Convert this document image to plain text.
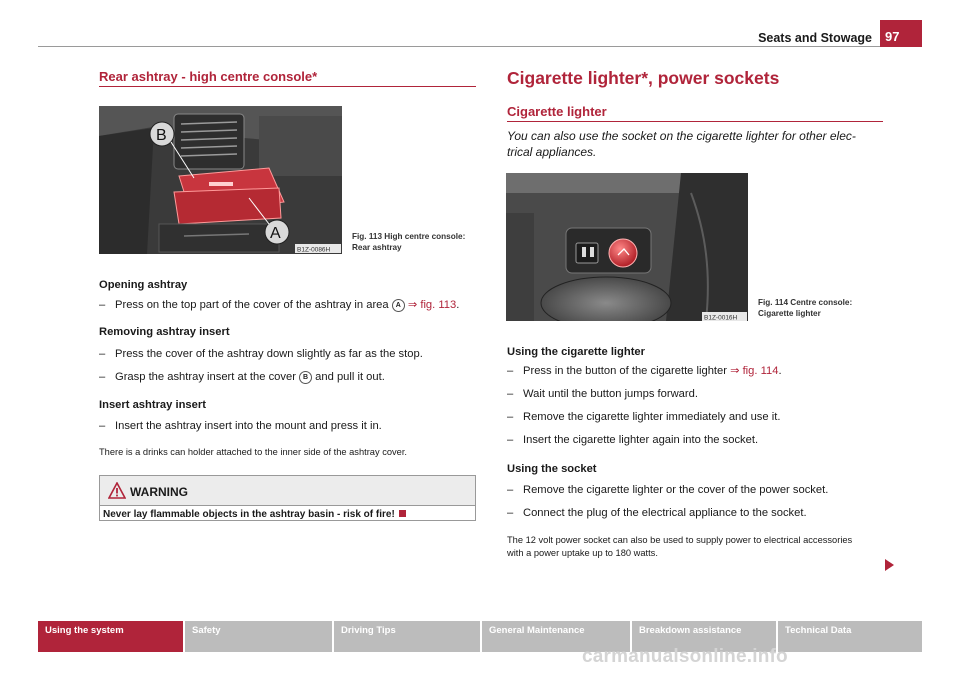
Seats and Stowage	97
Rear ashtray - high centre console*
B
A
B1Z-0086H
Fig. 113 High centre console:
Rear ashtray
Opening ashtray
– Press on the top part of the cover of the ashtray in area A ⇒ fig. 113.
Removing ashtray insert
– Press the cover of the ashtray down slightly as far as the stop.
– Grasp the ashtray insert at the cover B and pull it out.
Insert ashtray insert
– Insert the ashtray insert into the mount and press it in.
There is a drinks can holder attached to the inner side of the ashtray cover.
WARNING
Never lay flammable objects in the ashtray basin - risk of fire!
Cigarette lighter*, power sockets
Cigarette lighter
You can also use the socket on the cigarette lighter for other elec-
trical appliances.
B1Z-0016H
Fig. 114 Centre console:
Cigarette lighter
Using the cigarette lighter
– Press in the button of the cigarette lighter ⇒ fig. 114.
– Wait until the button jumps forward.
– Remove the cigarette lighter immediately and use it.
– Insert the cigarette lighter again into the socket.
Using the socket
– Remove the cigarette lighter or the cover of the power socket.
– Connect the plug of the electrical appliance to the socket.
The 12 volt power socket can also be used to supply power to electrical accessories
with a power uptake up to 180 watts.
Using the system	Safety	Driving Tips	General Maintenance	Breakdown assistance	Technical Data
carmanualsonline.info
